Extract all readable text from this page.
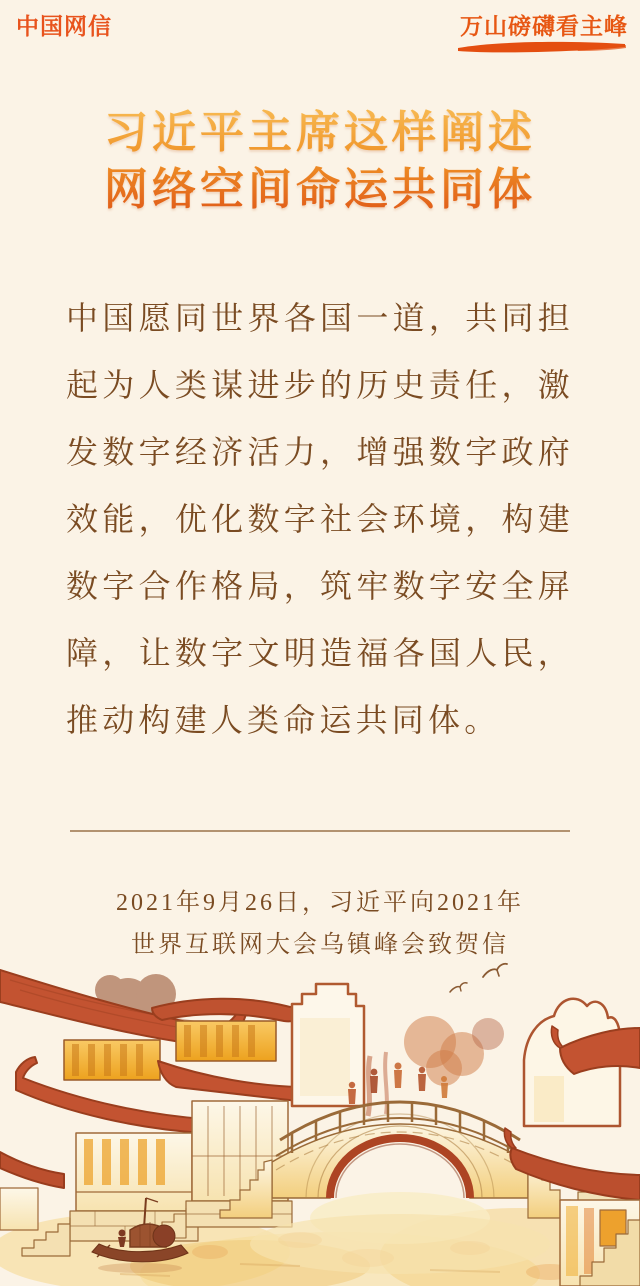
中国网信	万山磅礴看主峰
习近平主席这样阐述
网络空间命运共同体
中国愿同世界各国一道，共同担起为人类谋进步的历史责任，激发数字经济活力，增强数字政府效能，优化数字社会环境，构建数字合作格局，筑牢数字安全屏障，让数字文明造福各国人民，推动构建人类命运共同体。
2021年9月26日，习近平向2021年
世界互联网大会乌镇峰会致贺信
